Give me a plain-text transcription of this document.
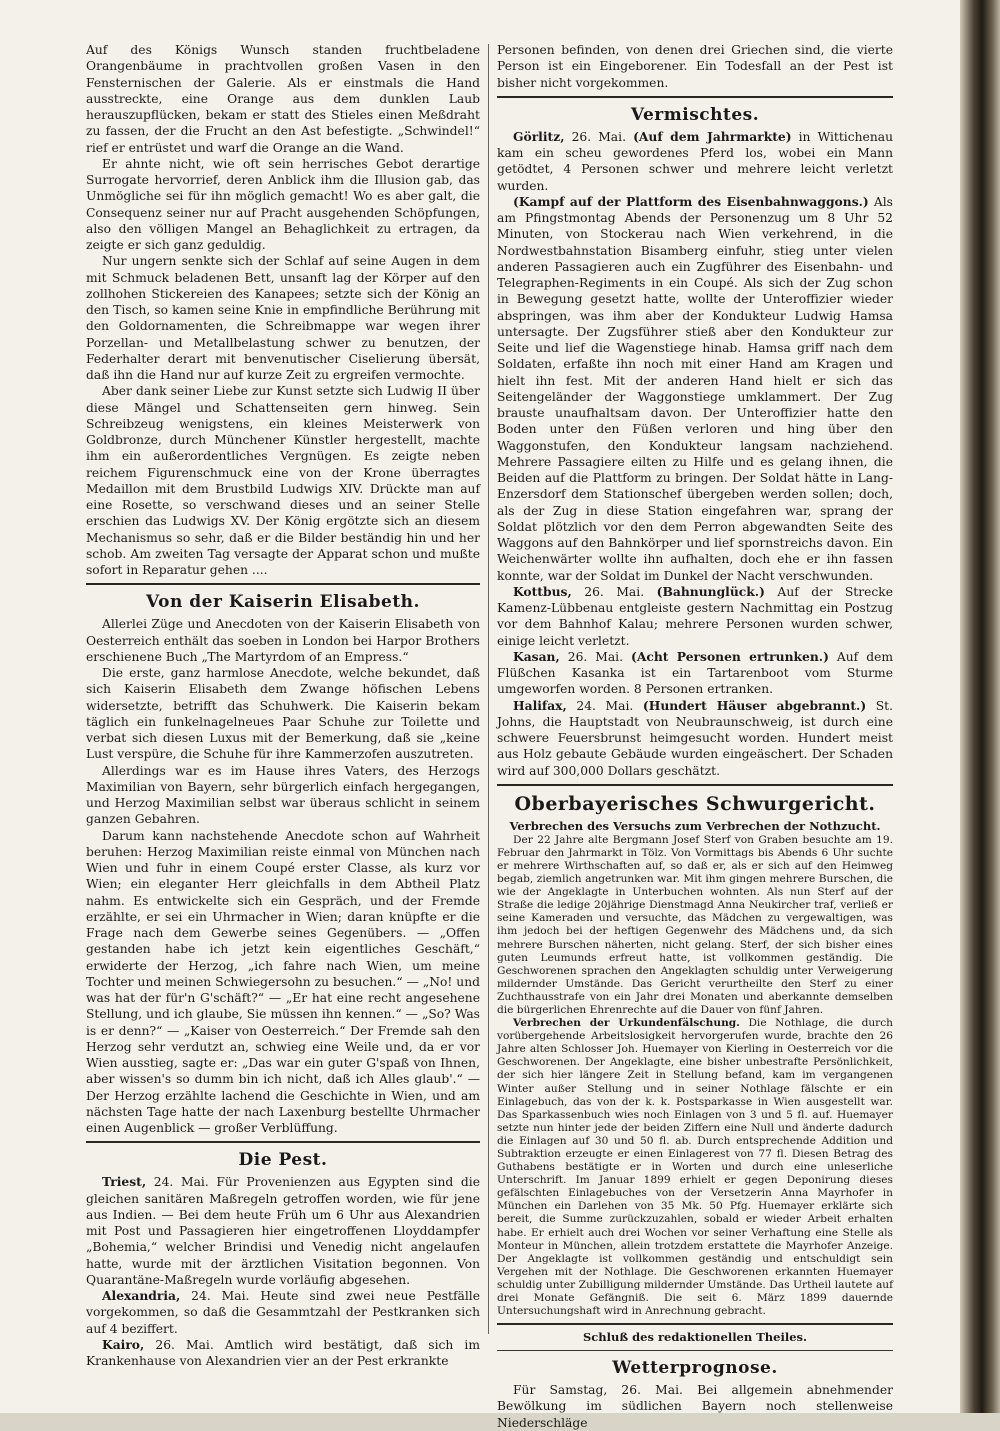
Auf des Königs Wunsch standen fruchtbeladene Orangenbäume in prachtvollen großen Vasen in den Fensternischen der Galerie. Als er einstmals die Hand ausstreckte, eine Orange aus dem dunklen Laub herauszupflücken, bekam er statt des Stieles einen Meßdraht zu fassen, der die Frucht an den Ast befestigte. „Schwindel!“ rief er entrüstet und warf die Orange an die Wand.

Er ahnte nicht, wie oft sein herrisches Gebot derartige Surrogate hervorrief, deren Anblick ihm die Illusion gab, das Unmögliche sei für ihn möglich gemacht! Wo es aber galt, die Consequenz seiner nur auf Pracht ausgehenden Schöpfungen, also den völligen Mangel an Behaglichkeit zu ertragen, da zeigte er sich ganz geduldig.

Nur ungern senkte sich der Schlaf auf seine Augen in dem mit Schmuck beladenen Bett, unsanft lag der Körper auf den zollhohen Stickereien des Kanapees; setzte sich der König an den Tisch, so kamen seine Knie in empfindliche Berührung mit den Goldornamenten, die Schreibmappe war wegen ihrer Porzellan- und Metallbelastung schwer zu benutzen, der Federhalter derart mit benvenutischer Ciselierung übersät, daß ihn die Hand nur auf kurze Zeit zu ergreifen vermochte.

Aber dank seiner Liebe zur Kunst setzte sich Ludwig II über diese Mängel und Schattenseiten gern hinweg. Sein Schreibzeug wenigstens, ein kleines Meisterwerk von Goldbronze, durch Münchener Künstler hergestellt, machte ihm ein außerordentliches Vergnügen. Es zeigte neben reichem Figurenschmuck eine von der Krone überragtes Medaillon mit dem Brustbild Ludwigs XIV. Drückte man auf eine Rosette, so verschwand dieses und an seiner Stelle erschien das Ludwigs XV. Der König ergötzte sich an diesem Mechanismus so sehr, daß er die Bilder beständig hin und her schob. Am zweiten Tag versagte der Apparat schon und mußte sofort in Reparatur gehen ....

Von der Kaiserin Elisabeth.

Allerlei Züge und Anecdoten von der Kaiserin Elisabeth von Oesterreich enthält das soeben in London bei Harpor Brothers erschienene Buch „The Martyrdom of an Empress.“

Die erste, ganz harmlose Anecdote, welche bekundet, daß sich Kaiserin Elisabeth dem Zwange höfischen Lebens widersetzte, betrifft das Schuhwerk. Die Kaiserin bekam täglich ein funkelnagelneues Paar Schuhe zur Toilette und verbat sich diesen Luxus mit der Bemerkung, daß sie „keine Lust verspüre, die Schuhe für ihre Kammerzofen auszutreten.

Allerdings war es im Hause ihres Vaters, des Herzogs Maximilian von Bayern, sehr bürgerlich einfach hergegangen, und Herzog Maximilian selbst war überaus schlicht in seinem ganzen Gebahren.

Darum kann nachstehende Anecdote schon auf Wahrheit beruhen: Herzog Maximilian reiste einmal von München nach Wien und fuhr in einem Coupé erster Classe, als kurz vor Wien; ein eleganter Herr gleichfalls in dem Abtheil Platz nahm. Es entwickelte sich ein Gespräch, und der Fremde erzählte, er sei ein Uhrmacher in Wien; daran knüpfte er die Frage nach dem Gewerbe seines Gegenübers. — „Offen gestanden habe ich jetzt kein eigentliches Geschäft,“ erwiderte der Herzog, „ich fahre nach Wien, um meine Tochter und meinen Schwiegersohn zu besuchen.“ — „No! und was hat der für'n G'schäft?“ — „Er hat eine recht angesehene Stellung, und ich glaube, Sie müssen ihn kennen.“ — „So? Was is er denn?“ — „Kaiser von Oesterreich.“ Der Fremde sah den Herzog sehr verdutzt an, schwieg eine Weile und, da er vor Wien ausstieg, sagte er: „Das war ein guter G'spaß von Ihnen, aber wissen's so dumm bin ich nicht, daß ich Alles glaub'.“ — Der Herzog erzählte lachend die Geschichte in Wien, und am nächsten Tage hatte der nach Laxenburg bestellte Uhrmacher einen Augenblick — großer Verblüffung.

Die Pest.

Triest, 24. Mai. Für Provenienzen aus Egypten sind die gleichen sanitären Maßregeln getroffen worden, wie für jene aus Indien. — Bei dem heute Früh um 6 Uhr aus Alexandrien mit Post und Passagieren hier eingetroffenen Lloyddampfer „Bohemia,“ welcher Brindisi und Venedig nicht angelaufen hatte, wurde mit der ärztlichen Visitation begonnen. Von Quarantäne-Maßregeln wurde vorläufig abgesehen.

Alexandria, 24. Mai. Heute sind zwei neue Pestfälle vorgekommen, so daß die Gesammtzahl der Pestkranken sich auf 4 beziffert.

Kairo, 26. Mai. Amtlich wird bestätigt, daß sich im Krankenhause von Alexandrien vier an der Pest erkrankte

Personen befinden, von denen drei Griechen sind, die vierte Person ist ein Eingeborener. Ein Todesfall an der Pest ist bisher nicht vorgekommen.

Vermischtes.

Görlitz, 26. Mai. (Auf dem Jahrmarkte) in Wittichenau kam ein scheu gewordenes Pferd los, wobei ein Mann getödtet, 4 Personen schwer und mehrere leicht verletzt wurden.

(Kampf auf der Plattform des Eisenbahnwaggons.) Als am Pfingstmontag Abends der Personenzug um 8 Uhr 52 Minuten, von Stockerau nach Wien verkehrend, in die Nordwestbahnstation Bisamberg einfuhr, stieg unter vielen anderen Passagieren auch ein Zugführer des Eisenbahn- und Telegraphen-Regiments in ein Coupé. Als sich der Zug schon in Bewegung gesetzt hatte, wollte der Unteroffizier wieder abspringen, was ihm aber der Kondukteur Ludwig Hamsa untersagte. Der Zugsführer stieß aber den Kondukteur zur Seite und lief die Wagenstiege hinab. Hamsa griff nach dem Soldaten, erfaßte ihn noch mit einer Hand am Kragen und hielt ihn fest. Mit der anderen Hand hielt er sich das Seitengeländer der Waggonstiege umklammert. Der Zug brauste unaufhaltsam davon. Der Unteroffizier hatte den Boden unter den Füßen verloren und hing über den Waggonstufen, den Kondukteur langsam nachziehend. Mehrere Passagiere eilten zu Hilfe und es gelang ihnen, die Beiden auf die Plattform zu bringen. Der Soldat hätte in Lang-Enzersdorf dem Stationschef übergeben werden sollen; doch, als der Zug in diese Station eingefahren war, sprang der Soldat plötzlich vor den dem Perron abgewandten Seite des Waggons auf den Bahnkörper und lief spornstreichs davon. Ein Weichenwärter wollte ihn aufhalten, doch ehe er ihn fassen konnte, war der Soldat im Dunkel der Nacht verschwunden.

Kottbus, 26. Mai. (Bahnunglück.) Auf der Strecke Kamenz-Lübbenau entgleiste gestern Nachmittag ein Postzug vor dem Bahnhof Kalau; mehrere Personen wurden schwer, einige leicht verletzt.

Kasan, 26. Mai. (Acht Personen ertrunken.) Auf dem Flüßchen Kasanka ist ein Tartarenboot vom Sturme umgeworfen worden. 8 Personen ertranken.

Halifax, 24. Mai. (Hundert Häuser abgebrannt.) St. Johns, die Hauptstadt von Neubraunschweig, ist durch eine schwere Feuersbrunst heimgesucht worden. Hundert meist aus Holz gebaute Gebäude wurden eingeäschert. Der Schaden wird auf 300,000 Dollars geschätzt.

Oberbayerisches Schwurgericht.
Verbrechen des Versuchs zum Verbrechen der Nothzucht.

Der 22 Jahre alte Bergmann Josef Sterf von Graben besuchte am 19. Februar den Jahrmarkt in Tölz. Von Vormittags bis Abends 6 Uhr suchte er mehrere Wirthschaften auf, so daß er, als er sich auf den Heimweg begab, ziemlich angetrunken war. Mit ihm gingen mehrere Burschen, die wie der Angeklagte in Unterbuchen wohnten. Als nun Sterf auf der Straße die ledige 20jährige Dienstmagd Anna Neukircher traf, verließ er seine Kameraden und versuchte, das Mädchen zu vergewaltigen, was ihm jedoch bei der heftigen Gegenwehr des Mädchens und, da sich mehrere Burschen näherten, nicht gelang. Sterf, der sich bisher eines guten Leumunds erfreut hatte, ist vollkommen geständig. Die Geschworenen sprachen den Angeklagten schuldig unter Verweigerung mildernder Umstände. Das Gericht verurtheilte den Sterf zu einer Zuchthausstrafe von ein Jahr drei Monaten und aberkannte demselben die bürgerlichen Ehrenrechte auf die Dauer von fünf Jahren.

Verbrechen der Urkundenfälschung. Die Nothlage, die durch vorübergehende Arbeitslosigkeit hervorgerufen wurde, brachte den 26 Jahre alten Schlosser Joh. Huemayer von Kierling in Oesterreich vor die Geschworenen. Der Angeklagte, eine bisher unbestrafte Persönlichkeit, der sich hier längere Zeit in Stellung befand, kam im vergangenen Winter außer Stellung und in seiner Nothlage fälschte er ein Einlagebuch, das von der k. k. Postsparkasse in Wien ausgestellt war. Das Sparkassenbuch wies noch Einlagen von 3 und 5 fl. auf. Huemayer setzte nun hinter jede der beiden Ziffern eine Null und änderte dadurch die Einlagen auf 30 und 50 fl. ab. Durch entsprechende Addition und Subtraktion erzeugte er einen Einlagerest von 77 fl. Diesen Betrag des Guthabens bestätigte er in Worten und durch eine unleserliche Unterschrift. Im Januar 1899 erhielt er gegen Deponirung dieses gefälschten Einlagebuches von der Versetzerin Anna Mayrhofer in München ein Darlehen von 35 Mk. 50 Pfg. Huemayer erklärte sich bereit, die Summe zurückzuzahlen, sobald er wieder Arbeit erhalten habe. Er erhielt auch drei Wochen vor seiner Verhaftung eine Stelle als Monteur in München, allein trotzdem erstattete die Mayrhofer Anzeige. Der Angeklagte ist vollkommen geständig und entschuldigt sein Vergehen mit der Nothlage. Die Geschworenen erkannten Huemayer schuldig unter Zubilligung mildernder Umstände. Das Urtheil lautete auf drei Monate Gefängniß. Die seit 6. März 1899 dauernde Untersuchungshaft wird in Anrechnung gebracht.

Schluß des redaktionellen Theiles.
Wetterprognose.

Für Samstag, 26. Mai. Bei allgemein abnehmender Bewölkung im südlichen Bayern noch stellenweise Niederschläge
